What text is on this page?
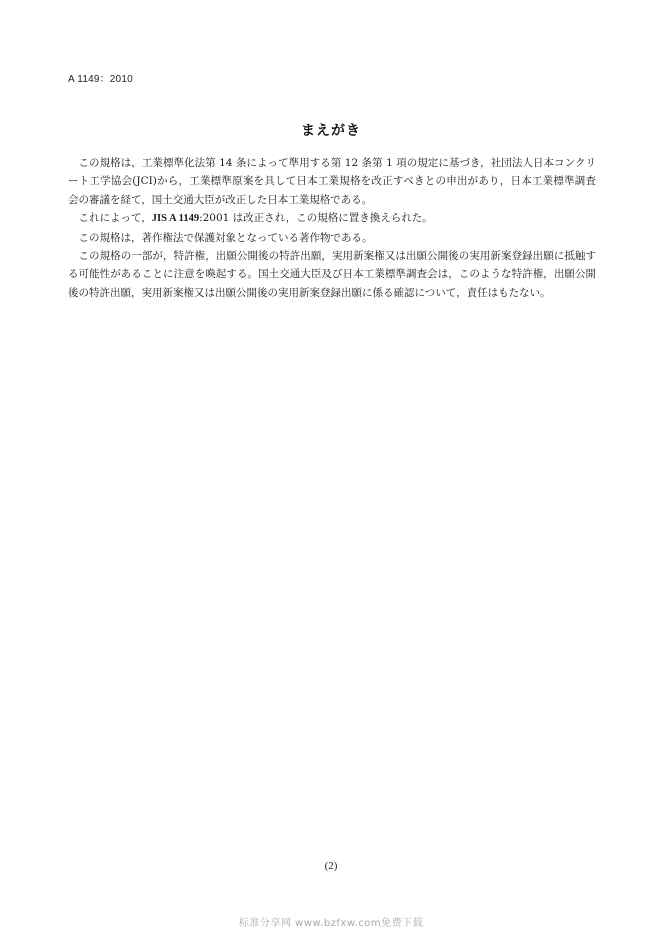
A 1149：2010
まえがき

この規格は，工業標準化法第 14 条によって準用する第 12 条第 1 項の規定に基づき，社団法人日本コンクリート工学協会(JCI)から，工業標準原案を具して日本工業規格を改正すべきとの申出があり，日本工業標準調査会の審議を経て，国土交通大臣が改正した日本工業規格である。

これによって，JIS A 1149:2001 は改正され，この規格に置き換えられた。

この規格は，著作権法で保護対象となっている著作物である。

この規格の一部が，特許権，出願公開後の特許出願，実用新案権又は出願公開後の実用新案登録出願に抵触する可能性があることに注意を喚起する。国土交通大臣及び日本工業標準調査会は，このような特許権，出願公開後の特許出願，実用新案権又は出願公開後の実用新案登録出願に係る確認について，責任はもたない。

(2)
标准分享网 www.bzfxw.com免费下载
